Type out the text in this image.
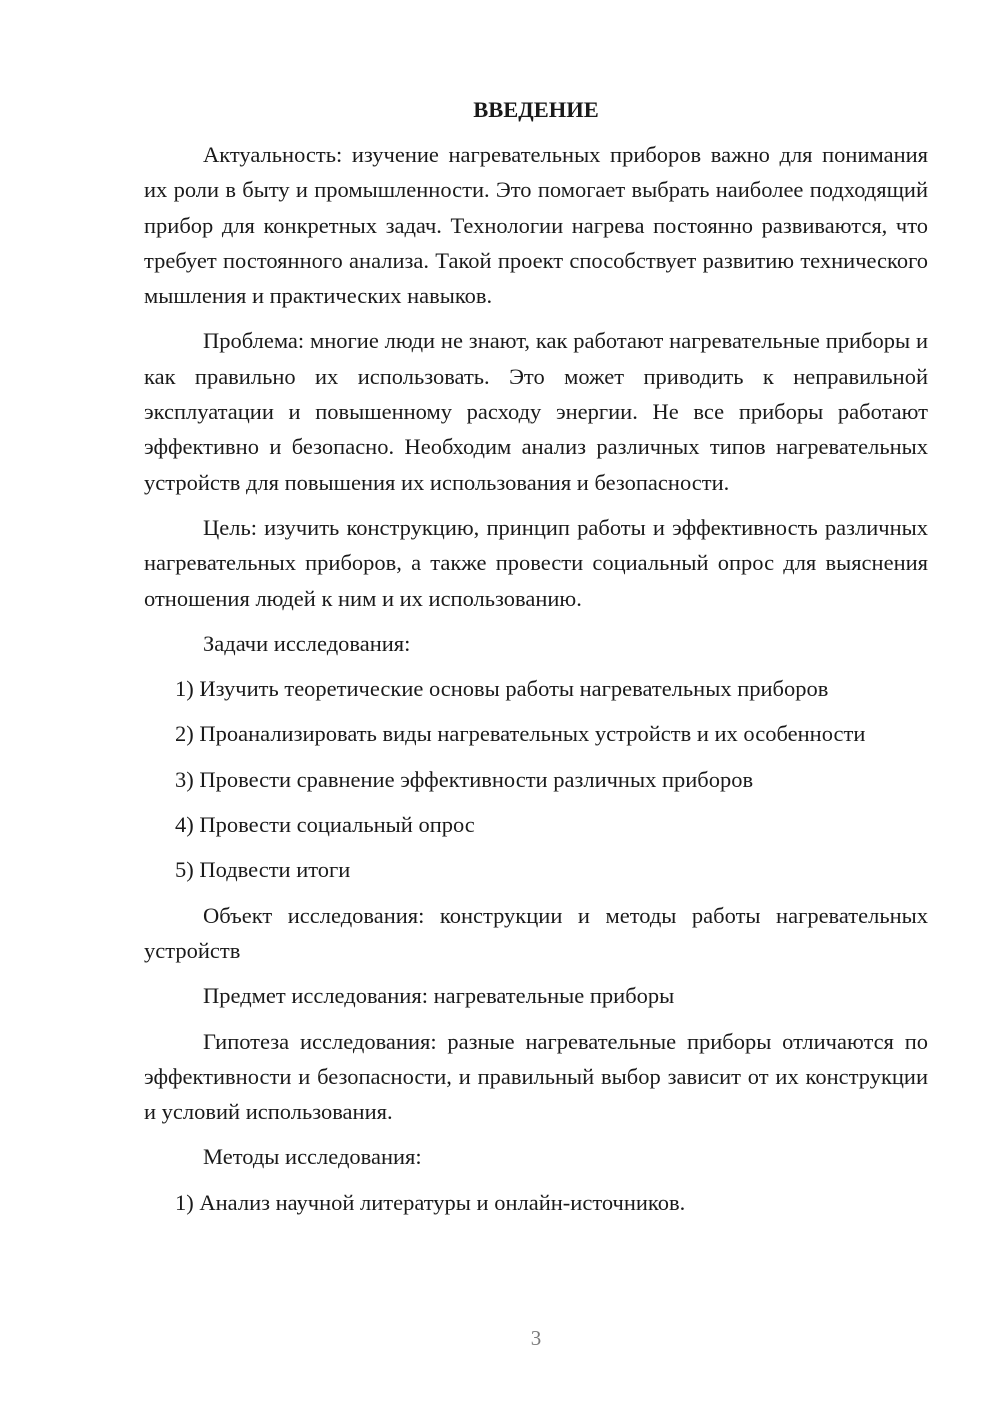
ВВЕДЕНИЕ

Актуальность: изучение нагревательных приборов важно для понимания их роли в быту и промышленности. Это помогает выбрать наиболее подходящий прибор для конкретных задач. Технологии нагрева постоянно развиваются, что требует постоянного анализа. Такой проект способствует развитию технического мышления и практических навыков.

Проблема: многие люди не знают, как работают нагревательные приборы и как правильно их использовать. Это может приводить к неправильной эксплуатации и повышенному расходу энергии. Не все приборы работают эффективно и безопасно. Необходим анализ различных типов нагревательных устройств для повышения их использования и безопасности.

Цель: изучить конструкцию, принцип работы и эффективность различных нагревательных приборов, а также провести социальный опрос для выяснения отношения людей к ним и их использованию.

Задачи исследования:

1) Изучить теоретические основы работы нагревательных приборов

2) Проанализировать виды нагревательных устройств и их особенности

3) Провести сравнение эффективности различных приборов

4) Провести социальный опрос

5) Подвести итоги

Объект исследования: конструкции и методы работы нагревательных устройств

Предмет исследования: нагревательные приборы

Гипотеза исследования: разные нагревательные приборы отличаются по эффективности и безопасности, и правильный выбор зависит от их конструкции и условий использования.

Методы исследования:

1) Анализ научной литературы и онлайн-источников.

3
